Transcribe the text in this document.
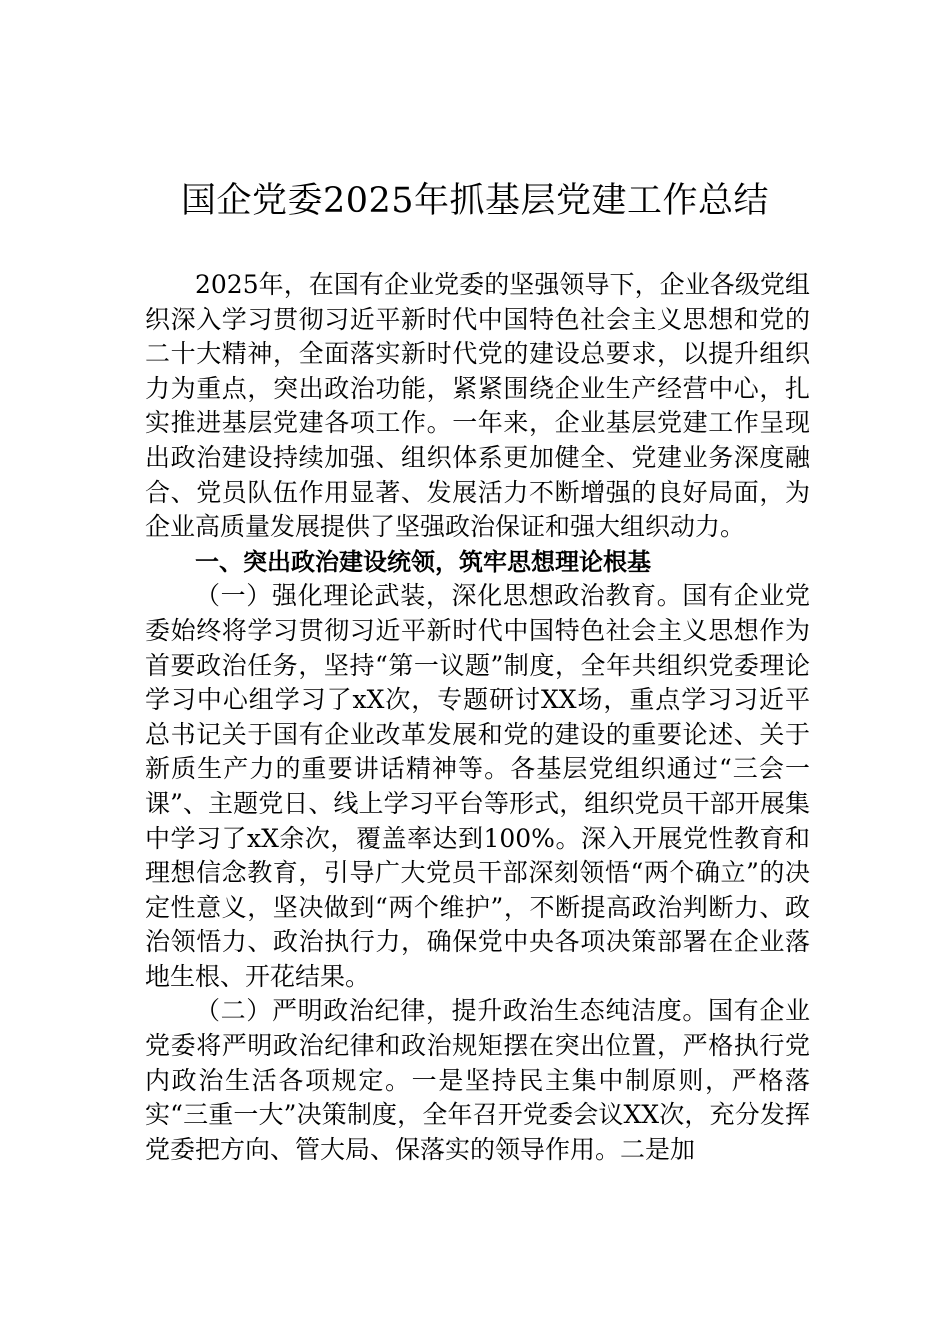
国企党委2025年抓基层党建工作总结

2025年，在国有企业党委的坚强领导下，企业各级党组织深入学习贯彻习近平新时代中国特色社会主义思想和党的二十大精神，全面落实新时代党的建设总要求，以提升组织力为重点，突出政治功能，紧紧围绕企业生产经营中心，扎实推进基层党建各项工作。一年来，企业基层党建工作呈现出政治建设持续加强、组织体系更加健全、党建业务深度融合、党员队伍作用显著、发展活力不断增强的良好局面，为企业高质量发展提供了坚强政治保证和强大组织动力。

一、突出政治建设统领，筑牢思想理论根基

（一）强化理论武装，深化思想政治教育。国有企业党委始终将学习贯彻习近平新时代中国特色社会主义思想作为首要政治任务，坚持“第一议题”制度，全年共组织党委理论学习中心组学习了xX次，专题研讨XX场，重点学习习近平总书记关于国有企业改革发展和党的建设的重要论述、关于新质生产力的重要讲话精神等。各基层党组织通过“三会一课”、主题党日、线上学习平台等形式，组织党员干部开展集中学习了xX余次，覆盖率达到100%。深入开展党性教育和理想信念教育，引导广大党员干部深刻领悟“两个确立”的决定性意义，坚决做到“两个维护”，不断提高政治判断力、政治领悟力、政治执行力，确保党中央各项决策部署在企业落地生根、开花结果。

（二）严明政治纪律，提升政治生态纯洁度。国有企业党委将严明政治纪律和政治规矩摆在突出位置，严格执行党内政治生活各项规定。一是坚持民主集中制原则，严格落实“三重一大”决策制度，全年召开党委会议XX次，充分发挥党委把方向、管大局、保落实的领导作用。二是加
